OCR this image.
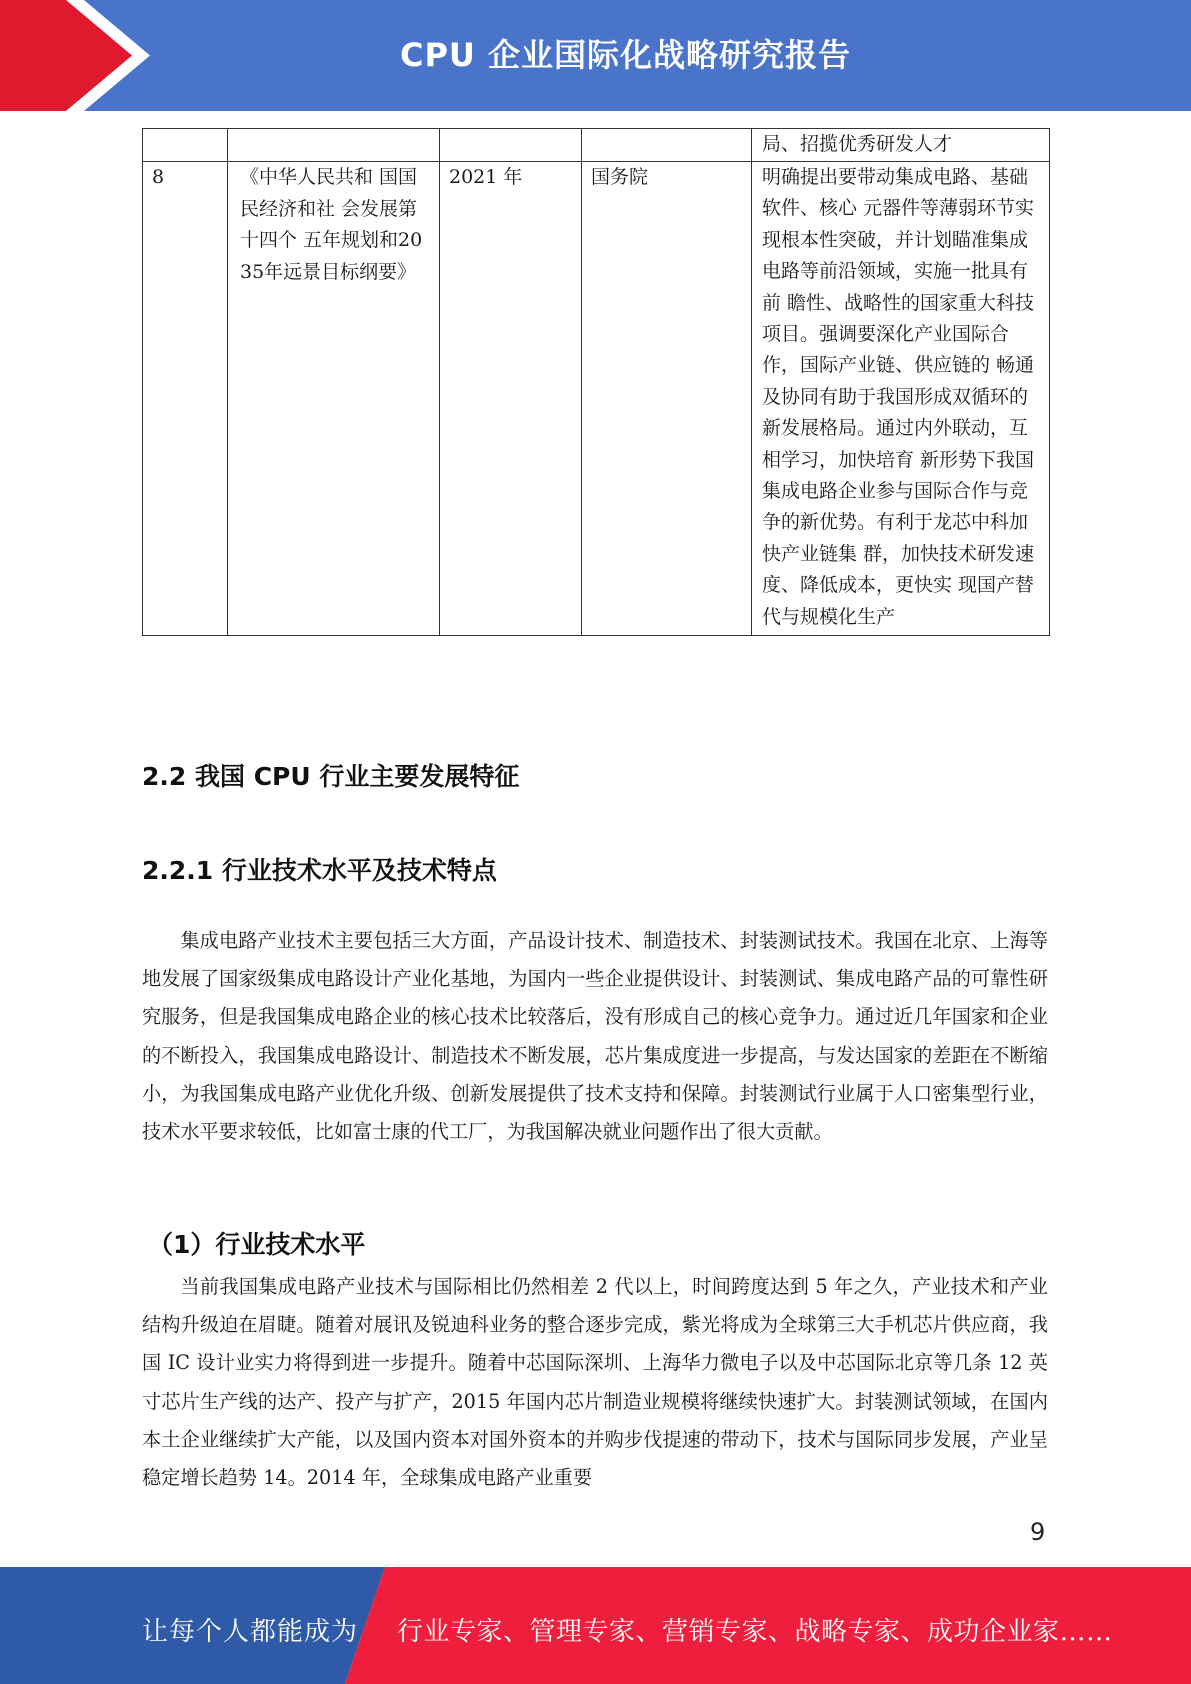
CPU 企业国际化战略研究报告
				局、招揽优秀研发人才
8	《中华人民共和 国国民经济和社 会发展第十四个 五年规划和2035年远景目标纲要》	2021 年	国务院	明确提出要带动集成电路、基础软件、核心 元器件等薄弱环节实现根本性突破，并计划瞄准集成电路等前沿领域，实施一批具有前 瞻性、战略性的国家重大科技项目。强调要深化产业国际合作，国际产业链、供应链的 畅通及协同有助于我国形成双循环的新发展格局。通过内外联动，互相学习，加快培育 新形势下我国集成电路企业参与国际合作与竞争的新优势。有利于龙芯中科加快产业链集 群，加快技术研发速度、降低成本，更快实 现国产替代与规模化生产
2.2 我国 CPU 行业主要发展特征
2.2.1 行业技术水平及技术特点

集成电路产业技术主要包括三大方面，产品设计技术、制造技术、封装测试技术。我国在北京、上海等地发展了国家级集成电路设计产业化基地，为国内一些企业提供设计、封装测试、集成电路产品的可靠性研究服务，但是我国集成电路企业的核心技术比较落后，没有形成自己的核心竞争力。通过近几年国家和企业的不断投入，我国集成电路设计、制造技术不断发展，芯片集成度进一步提高，与发达国家的差距在不断缩小，为我国集成电路产业优化升级、创新发展提供了技术支持和保障。封装测试行业属于人口密集型行业，技术水平要求较低，比如富士康的代工厂，为我国解决就业问题作出了很大贡献。

（1）行业技术水平

当前我国集成电路产业技术与国际相比仍然相差 2 代以上，时间跨度达到 5 年之久，产业技术和产业结构升级迫在眉睫。随着对展讯及锐迪科业务的整合逐步完成，紫光将成为全球第三大手机芯片供应商，我国 IC 设计业实力将得到进一步提升。随着中芯国际深圳、上海华力微电子以及中芯国际北京等几条 12 英寸芯片生产线的达产、投产与扩产，2015 年国内芯片制造业规模将继续快速扩大。封装测试领域，在国内本土企业继续扩大产能，以及国内资本对国外资本的并购步伐提速的带动下，技术与国际同步发展，产业呈稳定增长趋势 14。2014 年，全球集成电路产业重要

9
让每个人都能成为 行业专家、管理专家、营销专家、战略专家、成功企业家……
